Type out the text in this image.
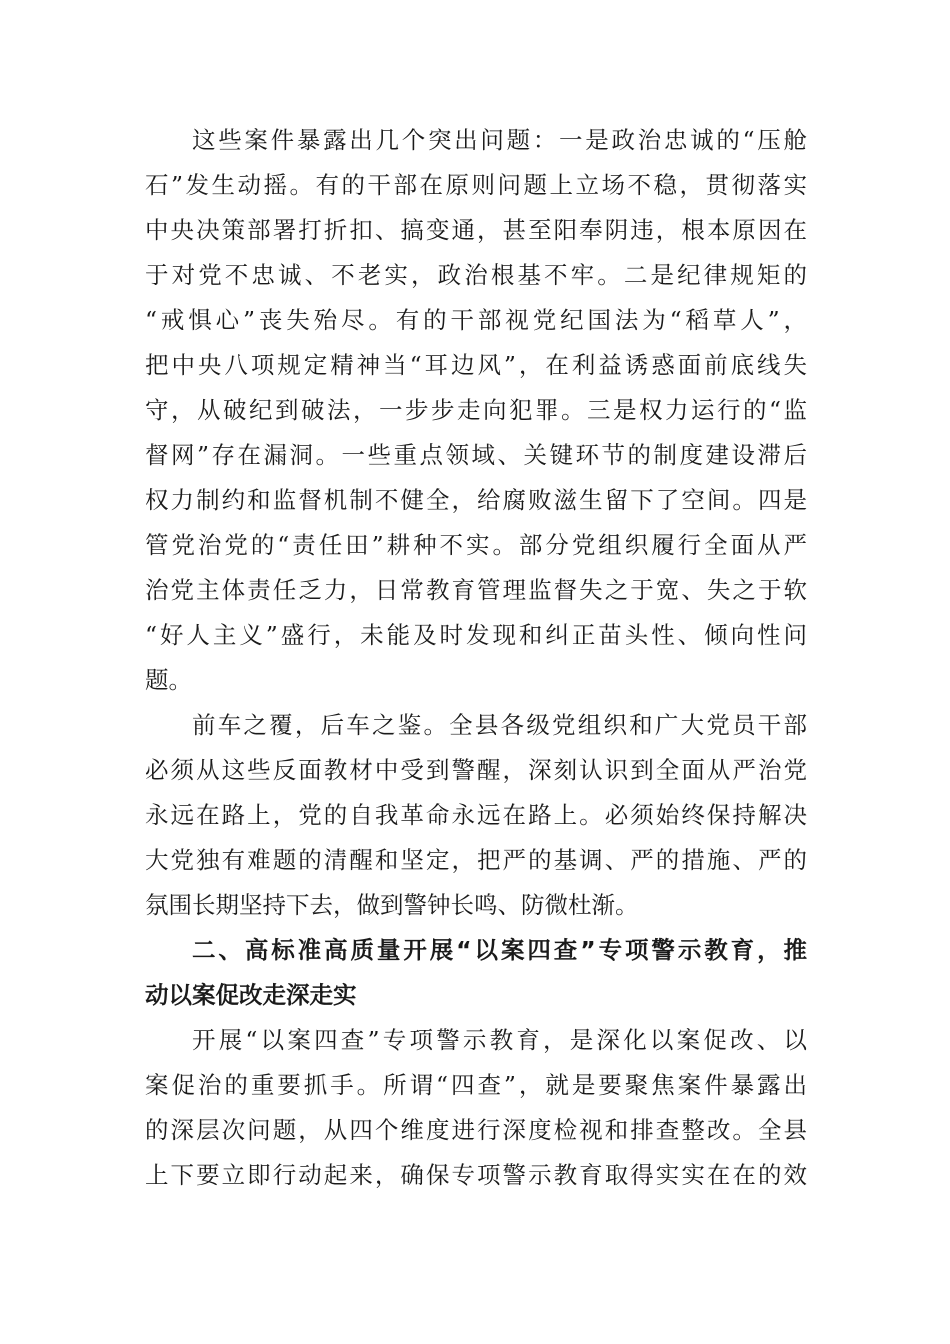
这些案件暴露出几个突出问题：一是政治忠诚的“压舱
石”发生动摇。有的干部在原则问题上立场不稳，贯彻落实
中央决策部署打折扣、搞变通，甚至阳奉阴违，根本原因在
于对党不忠诚、不老实，政治根基不牢。二是纪律规矩的
“戒惧心”丧失殆尽。有的干部视党纪国法为“稻草人”，
把中央八项规定精神当“耳边风”，在利益诱惑面前底线失
守，从破纪到破法，一步步走向犯罪。三是权力运行的“监
督网”存在漏洞。一些重点领域、关键环节的制度建设滞后
权力制约和监督机制不健全，给腐败滋生留下了空间。四是
管党治党的“责任田”耕种不实。部分党组织履行全面从严
治党主体责任乏力，日常教育管理监督失之于宽、失之于软
“好人主义”盛行，未能及时发现和纠正苗头性、倾向性问
题。
前车之覆，后车之鉴。全县各级党组织和广大党员干部
必须从这些反面教材中受到警醒，深刻认识到全面从严治党
永远在路上，党的自我革命永远在路上。必须始终保持解决
大党独有难题的清醒和坚定，把严的基调、严的措施、严的
氛围长期坚持下去，做到警钟长鸣、防微杜渐。
二、高标准高质量开展“以案四查”专项警示教育，推
动以案促改走深走实
开展“以案四查”专项警示教育，是深化以案促改、以
案促治的重要抓手。所谓“四查”，就是要聚焦案件暴露出
的深层次问题，从四个维度进行深度检视和排查整改。全县
上下要立即行动起来，确保专项警示教育取得实实在在的效
